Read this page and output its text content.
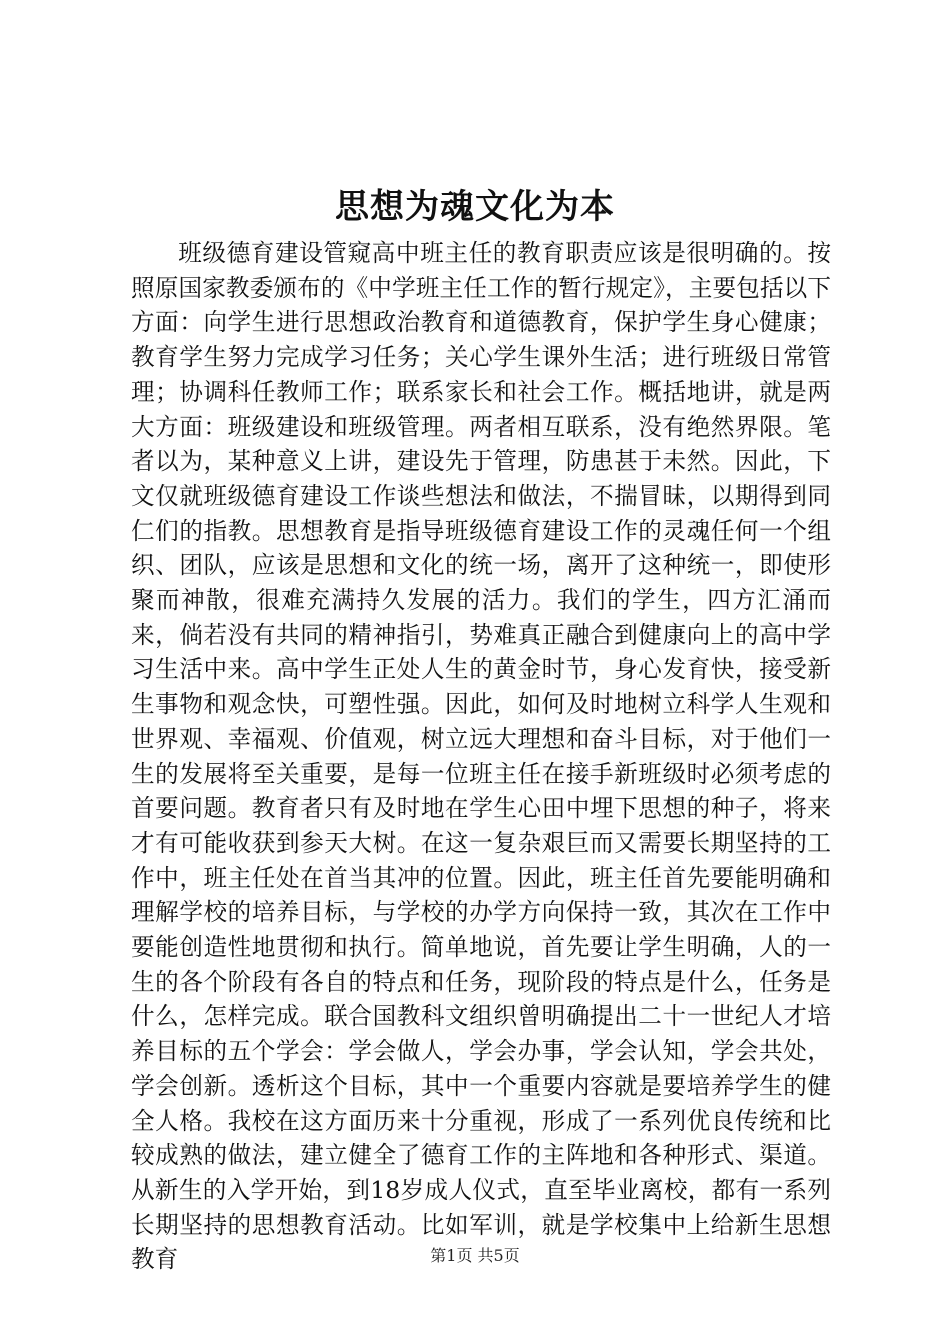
思想为魂文化为本

班级德育建设管窥高中班主任的教育职责应该是很明确的。按照原国家教委颁布的《中学班主任工作的暂行规定》，主要包括以下方面：向学生进行思想政治教育和道德教育，保护学生身心健康；教育学生努力完成学习任务；关心学生课外生活；进行班级日常管理；协调科任教师工作；联系家长和社会工作。概括地讲，就是两大方面：班级建设和班级管理。两者相互联系，没有绝然界限。笔者以为，某种意义上讲，建设先于管理，防患甚于未然。因此，下文仅就班级德育建设工作谈些想法和做法，不揣冒昧，以期得到同仁们的指教。思想教育是指导班级德育建设工作的灵魂任何一个组织、团队，应该是思想和文化的统一场，离开了这种统一，即使形聚而神散，很难充满持久发展的活力。我们的学生，四方汇涌而来，倘若没有共同的精神指引，势难真正融合到健康向上的高中学习生活中来。高中学生正处人生的黄金时节，身心发育快，接受新生事物和观念快，可塑性强。因此，如何及时地树立科学人生观和世界观、幸福观、价值观，树立远大理想和奋斗目标，对于他们一生的发展将至关重要，是每一位班主任在接手新班级时必须考虑的首要问题。教育者只有及时地在学生心田中埋下思想的种子，将来才有可能收获到参天大树。在这一复杂艰巨而又需要长期坚持的工作中，班主任处在首当其冲的位置。因此，班主任首先要能明确和理解学校的培养目标，与学校的办学方向保持一致，其次在工作中要能创造性地贯彻和执行。简单地说，首先要让学生明确，人的一生的各个阶段有各自的特点和任务，现阶段的特点是什么，任务是什么，怎样完成。联合国教科文组织曾明确提出二十一世纪人才培养目标的五个学会：学会做人，学会办事，学会认知，学会共处，学会创新。透析这个目标，其中一个重要内容就是要培养学生的健全人格。我校在这方面历来十分重视，形成了一系列优良传统和比较成熟的做法，建立健全了德育工作的主阵地和各种形式、渠道。从新生的入学开始，到18岁成人仪式，直至毕业离校，都有一系列长期坚持的思想教育活动。比如军训，就是学校集中上给新生思想教育	第1页 共5页
